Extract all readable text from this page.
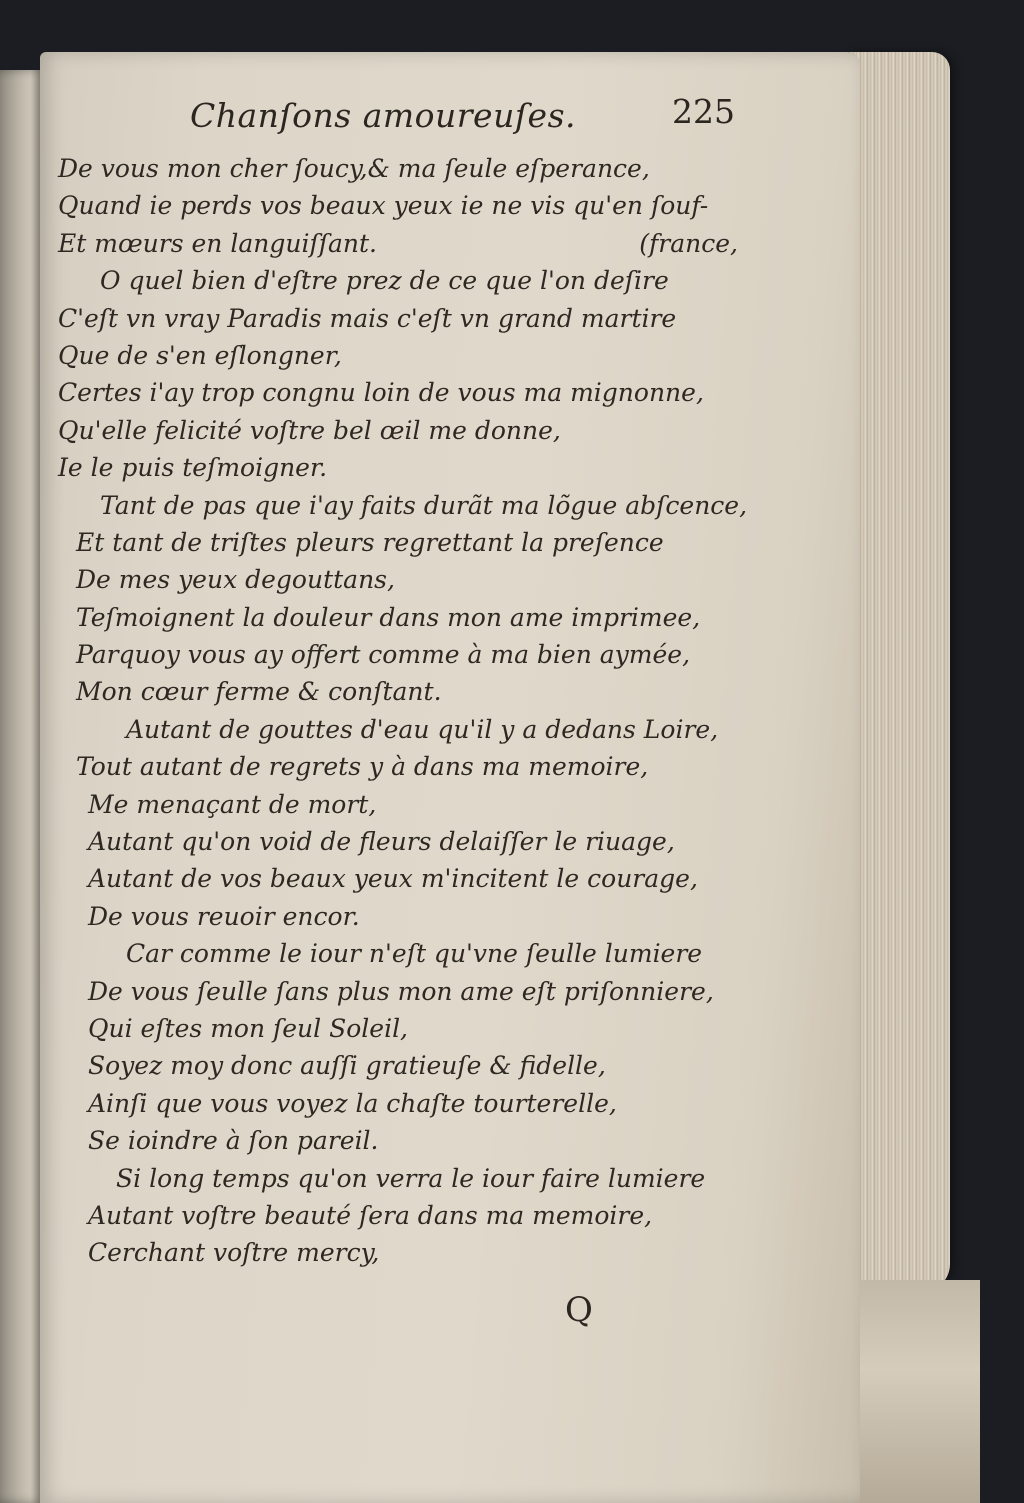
Chanſons amoureuſes.	225
De vous mon cher ſoucy,& ma ſeule eſperance,
Quand ie perds vos beaux yeux ie ne vis qu'en ſouf-
Et mœurs en languiſſant.	(france,
O quel bien d'eſtre prez de ce que l'on deſire
C'eſt vn vray Paradis mais c'eſt vn grand martire
Que de s'en eſlongner,
Certes i'ay trop congnu loin de vous ma mignonne,
Qu'elle felicité voſtre bel œil me donne,
Ie le puis teſmoigner.
Tant de pas que i'ay faits durãt ma lõgue abſcence,
Et tant de triſtes pleurs regrettant la preſence
De mes yeux degouttans,
Teſmoignent la douleur dans mon ame imprimee,
Parquoy vous ay offert comme à ma bien aymée,
Mon cœur ferme & conſtant.
Autant de gouttes d'eau qu'il y a dedans Loire,
Tout autant de regrets y à dans ma memoire,
Me menaçant de mort,
Autant qu'on void de fleurs delaiſſer le riuage,
Autant de vos beaux yeux m'incitent le courage,
De vous reuoir encor.
Car comme le iour n'eſt qu'vne ſeulle lumiere
De vous ſeulle ſans plus mon ame eſt priſonniere,
Qui eſtes mon ſeul Soleil,
Soyez moy donc auſſi gratieuſe & fidelle,
Ainſi que vous voyez la chaſte tourterelle,
Se ioindre à ſon pareil.
Si long temps qu'on verra le iour faire lumiere
Autant voſtre beauté ſera dans ma memoire,
Cerchant voſtre mercy,
Q
